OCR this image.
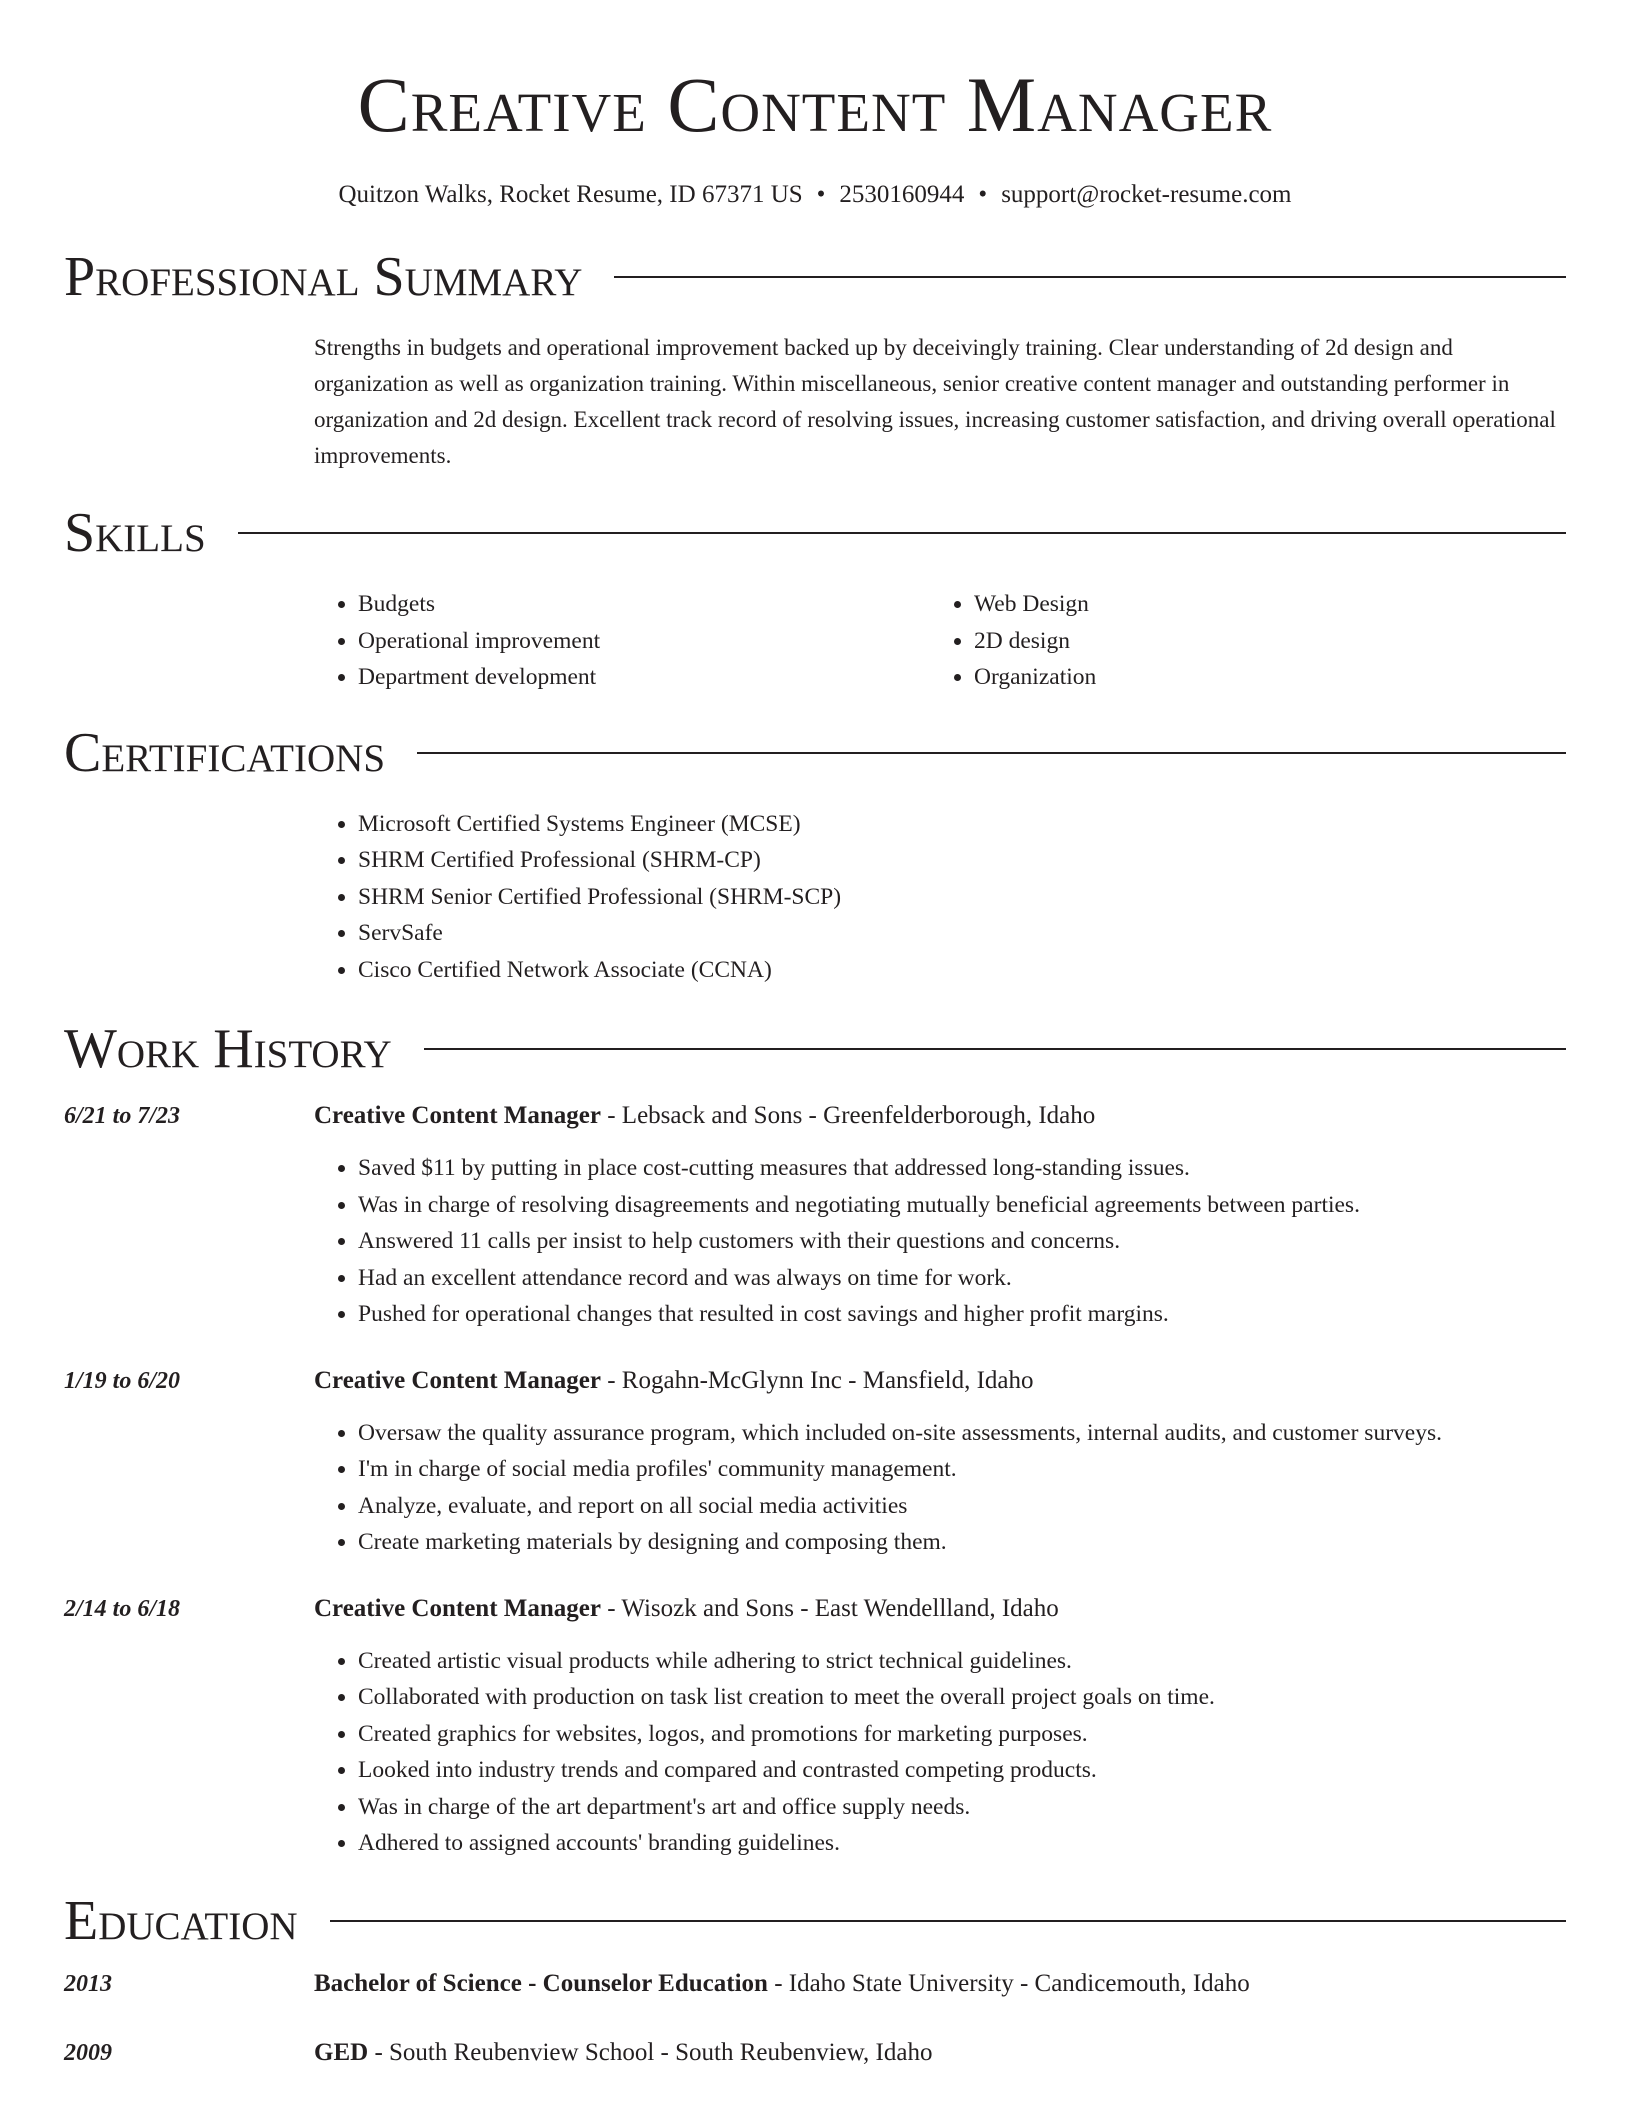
Creative Content Manager
Quitzon Walks, Rocket Resume, ID 67371 US • 2530160944 • support@rocket-resume.com
Professional Summary

Strengths in budgets and operational improvement backed up by deceivingly training. Clear understanding of 2d design and organization as well as organization training. Within miscellaneous, senior creative content manager and outstanding performer in organization and 2d design. Excellent track record of resolving issues, increasing customer satisfaction, and driving overall operational improvements.

Skills
• Budgets
• Operational improvement
• Department development
• Web Design
• 2D design
• Organization
Certifications
• Microsoft Certified Systems Engineer (MCSE)
• SHRM Certified Professional (SHRM-CP)
• SHRM Senior Certified Professional (SHRM-SCP)
• ServSafe
• Cisco Certified Network Associate (CCNA)
Work History
6/21 to 7/23	Creative Content Manager - Lebsack and Sons - Greenfelderborough, Idaho
• Saved $11 by putting in place cost-cutting measures that addressed long-standing issues.
• Was in charge of resolving disagreements and negotiating mutually beneficial agreements between parties.
• Answered 11 calls per insist to help customers with their questions and concerns.
• Had an excellent attendance record and was always on time for work.
• Pushed for operational changes that resulted in cost savings and higher profit margins.
1/19 to 6/20	Creative Content Manager - Rogahn-McGlynn Inc - Mansfield, Idaho
• Oversaw the quality assurance program, which included on-site assessments, internal audits, and customer surveys.
• I'm in charge of social media profiles' community management.
• Analyze, evaluate, and report on all social media activities
• Create marketing materials by designing and composing them.
2/14 to 6/18	Creative Content Manager - Wisozk and Sons - East Wendellland, Idaho
• Created artistic visual products while adhering to strict technical guidelines.
• Collaborated with production on task list creation to meet the overall project goals on time.
• Created graphics for websites, logos, and promotions for marketing purposes.
• Looked into industry trends and compared and contrasted competing products.
• Was in charge of the art department's art and office supply needs.
• Adhered to assigned accounts' branding guidelines.
Education
2013	Bachelor of Science - Counselor Education - Idaho State University - Candicemouth, Idaho
2009	GED - South Reubenview School - South Reubenview, Idaho
